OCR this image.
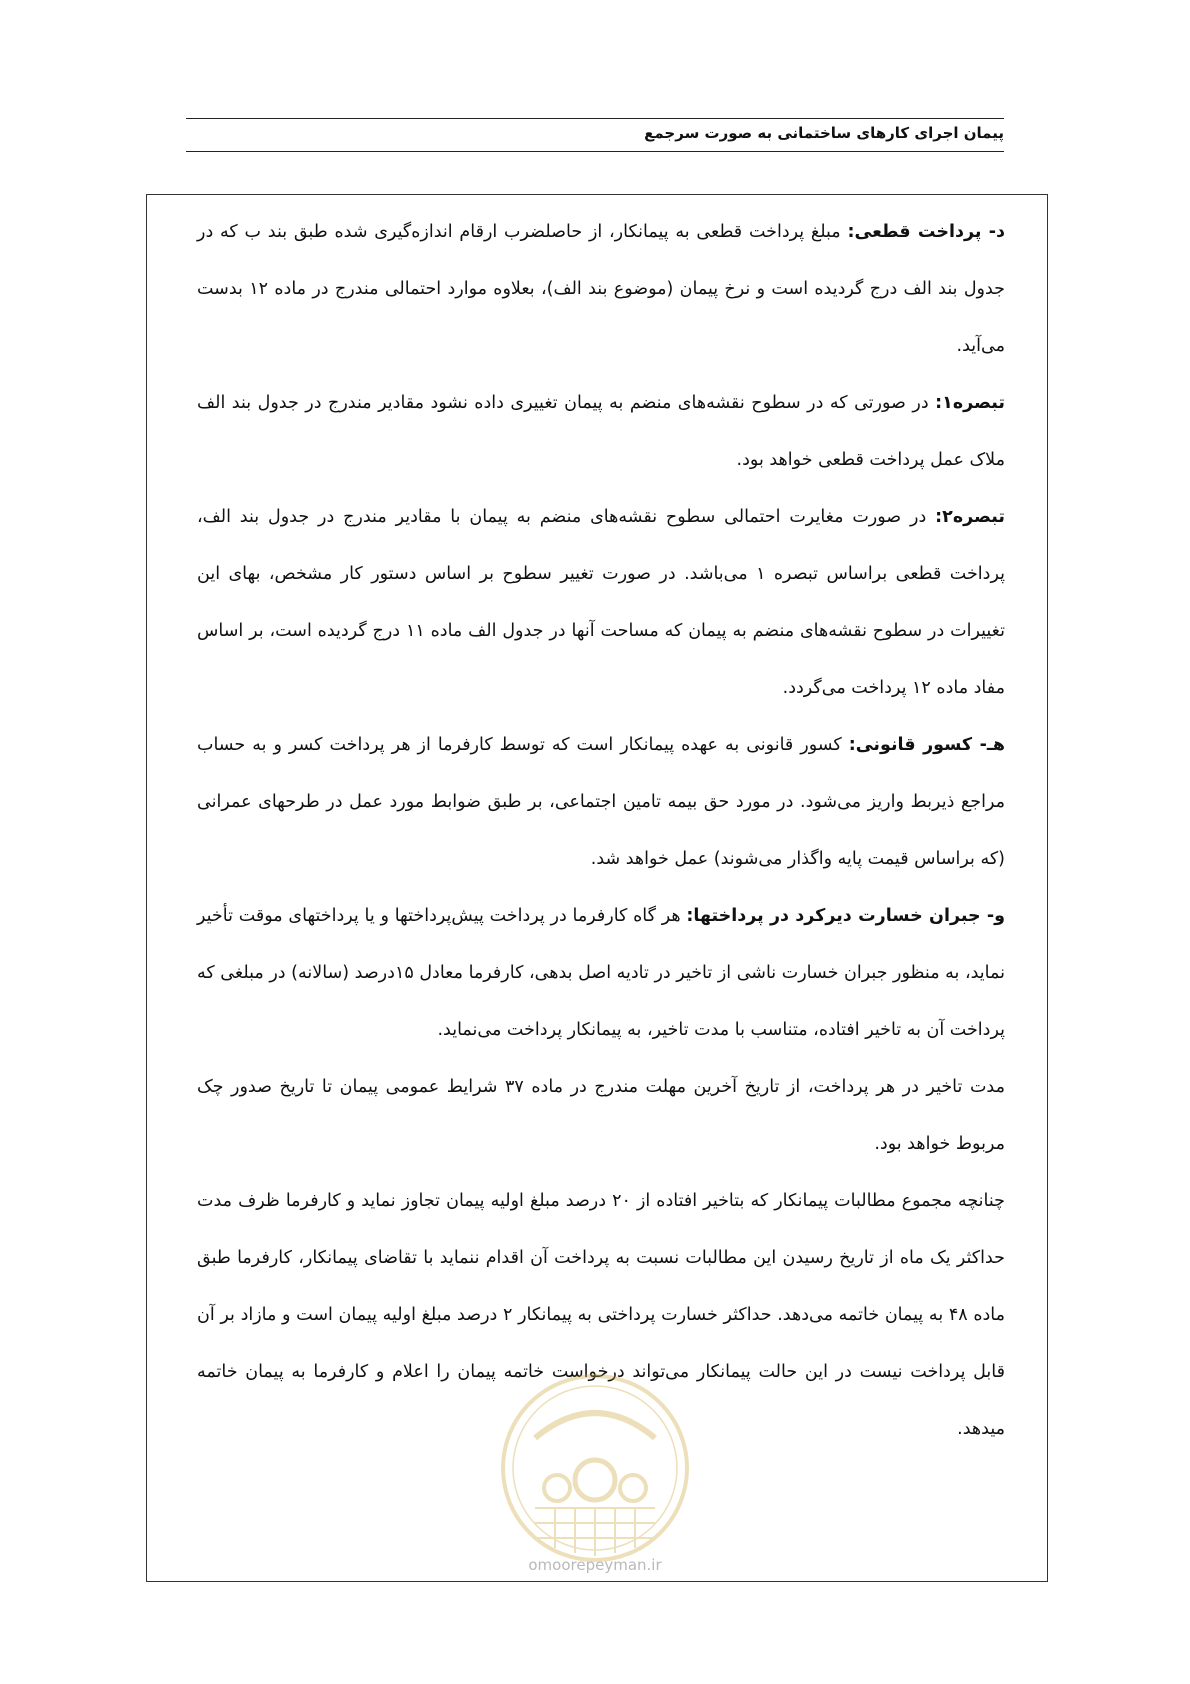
پیمان اجرای کارهای ساختمانی به صورت سرجمع

د- پرداخت قطعی: مبلغ پرداخت قطعی به پیمانکار، از حاصلضرب ارقام اندازه‌گیری شده طبق بند ب که در جدول بند الف درج گردیده است و نرخ پیمان (موضوع بند الف)، بعلاوه موارد احتمالی مندرج در ماده ۱۲ بدست می‌آید.

تبصره۱: در صورتی که در سطوح نقشه‌های منضم به پیمان تغییری داده نشود مقادیر مندرج در جدول بند الف ملاک عمل پرداخت قطعی خواهد بود.

تبصره۲: در صورت مغایرت احتمالی سطوح نقشه‌های منضم به پیمان با مقادیر مندرج در جدول بند الف، پرداخت قطعی براساس تبصره ۱ می‌باشد. در صورت تغییر سطوح بر اساس دستور کار مشخص، بهای این تغییرات در سطوح نقشه‌های منضم به پیمان که مساحت آنها در جدول الف ماده ۱۱ درج گردیده است، بر اساس مفاد ماده ۱۲ پرداخت می‌گردد.

هـ- کسور قانونی: کسور قانونی به عهده پیمانکار است که توسط کارفرما از هر پرداخت کسر و به حساب مراجع ذیربط واریز می‌شود. در مورد حق بیمه تامین اجتماعی، بر طبق ضوابط مورد عمل در طرحهای عمرانی (که براساس قیمت پایه واگذار می‌شوند) عمل خواهد شد.

و- جبران خسارت دیرکرد در پرداختها: هر گاه کارفرما در پرداخت پیش‌پرداختها و یا پرداختهای موقت تأخیر نماید، به منظور جبران خسارت ناشی از تاخیر در تادیه اصل بدهی، کارفرما معادل ۱۵درصد (سالانه) در مبلغی که پرداخت آن به تاخیر افتاده، متناسب با مدت تاخیر، به پیمانکار پرداخت می‌نماید.

مدت تاخیر در هر پرداخت، از تاریخ آخرین مهلت مندرج در ماده ۳۷ شرایط عمومی پیمان تا تاریخ صدور چک مربوط خواهد بود.

چنانچه مجموع مطالبات پیمانکار که بتاخیر افتاده از ۲۰ درصد مبلغ اولیه پیمان تجاوز نماید و کارفرما ظرف مدت حداکثر یک ماه از تاریخ رسیدن این مطالبات نسبت به پرداخت آن اقدام ننماید با تقاضای پیمانکار، کارفرما طبق ماده ۴۸ به پیمان خاتمه می‌دهد. حداکثر خسارت پرداختی به پیمانکار ۲ درصد مبلغ اولیه پیمان است و مازاد بر آن قابل پرداخت نیست در این حالت پیمانکار می‌تواند درخواست خاتمه پیمان را اعلام و کارفرما به پیمان خاتمه میدهد.

omoorepeyman.ir
